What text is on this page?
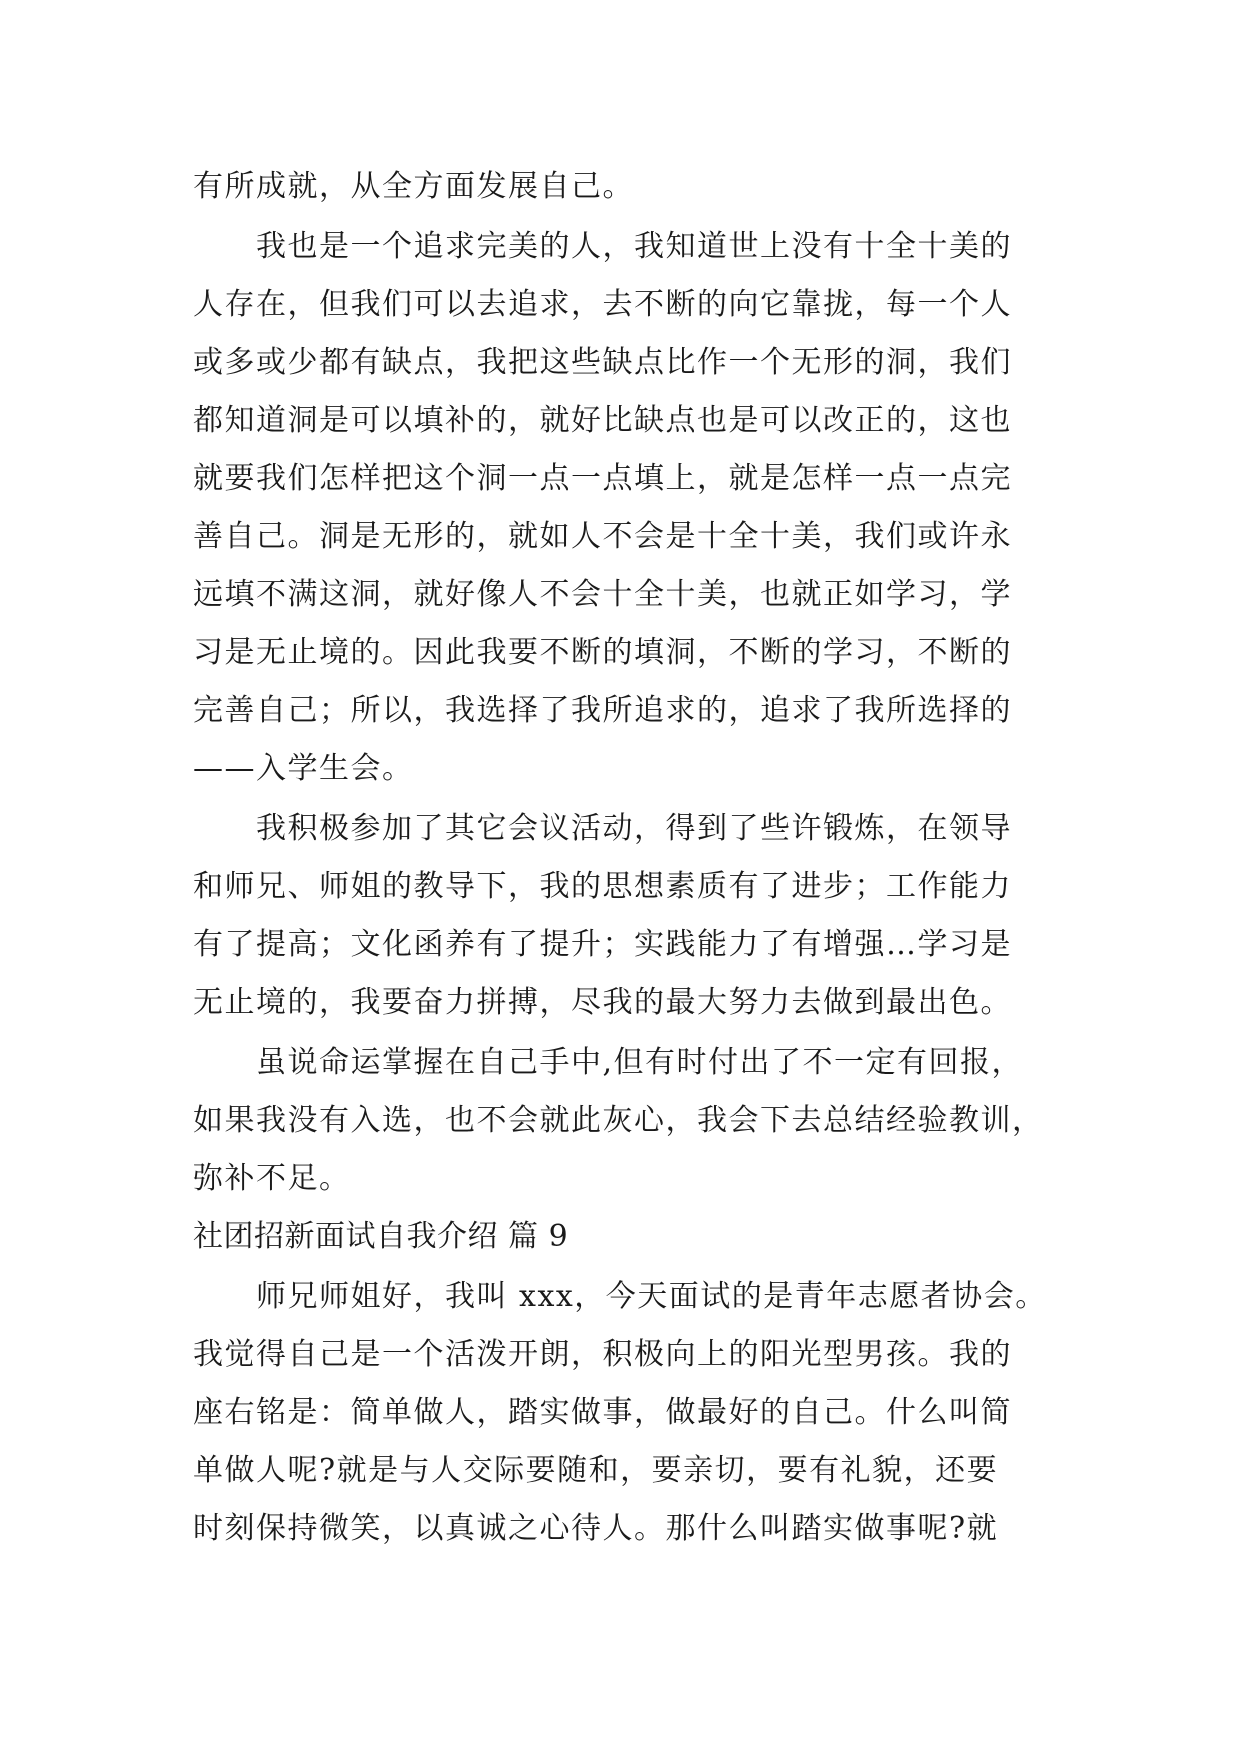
有所成就，从全方面发展自己。
我也是一个追求完美的人，我知道世上没有十全十美的
人存在，但我们可以去追求，去不断的向它靠拢，每一个人
或多或少都有缺点，我把这些缺点比作一个无形的洞，我们
都知道洞是可以填补的，就好比缺点也是可以改正的，这也
就要我们怎样把这个洞一点一点填上，就是怎样一点一点完
善自己。洞是无形的，就如人不会是十全十美，我们或许永
远填不满这洞，就好像人不会十全十美，也就正如学习，学
习是无止境的。因此我要不断的填洞，不断的学习，不断的
完善自己；所以，我选择了我所追求的，追求了我所选择的
——入学生会。
我积极参加了其它会议活动，得到了些许锻炼，在领导
和师兄、师姐的教导下，我的思想素质有了进步；工作能力
有了提高；文化函养有了提升；实践能力了有增强…学习是
无止境的，我要奋力拼搏，尽我的最大努力去做到最出色。
虽说命运掌握在自己手中,但有时付出了不一定有回报，
如果我没有入选，也不会就此灰心，我会下去总结经验教训，
弥补不足。
社团招新面试自我介绍 篇 9
师兄师姐好，我叫 xxx，今天面试的是青年志愿者协会。
我觉得自己是一个活泼开朗，积极向上的阳光型男孩。我的
座右铭是：简单做人，踏实做事，做最好的自己。什么叫简
单做人呢?就是与人交际要随和，要亲切，要有礼貌，还要
时刻保持微笑，以真诚之心待人。那什么叫踏实做事呢?就
